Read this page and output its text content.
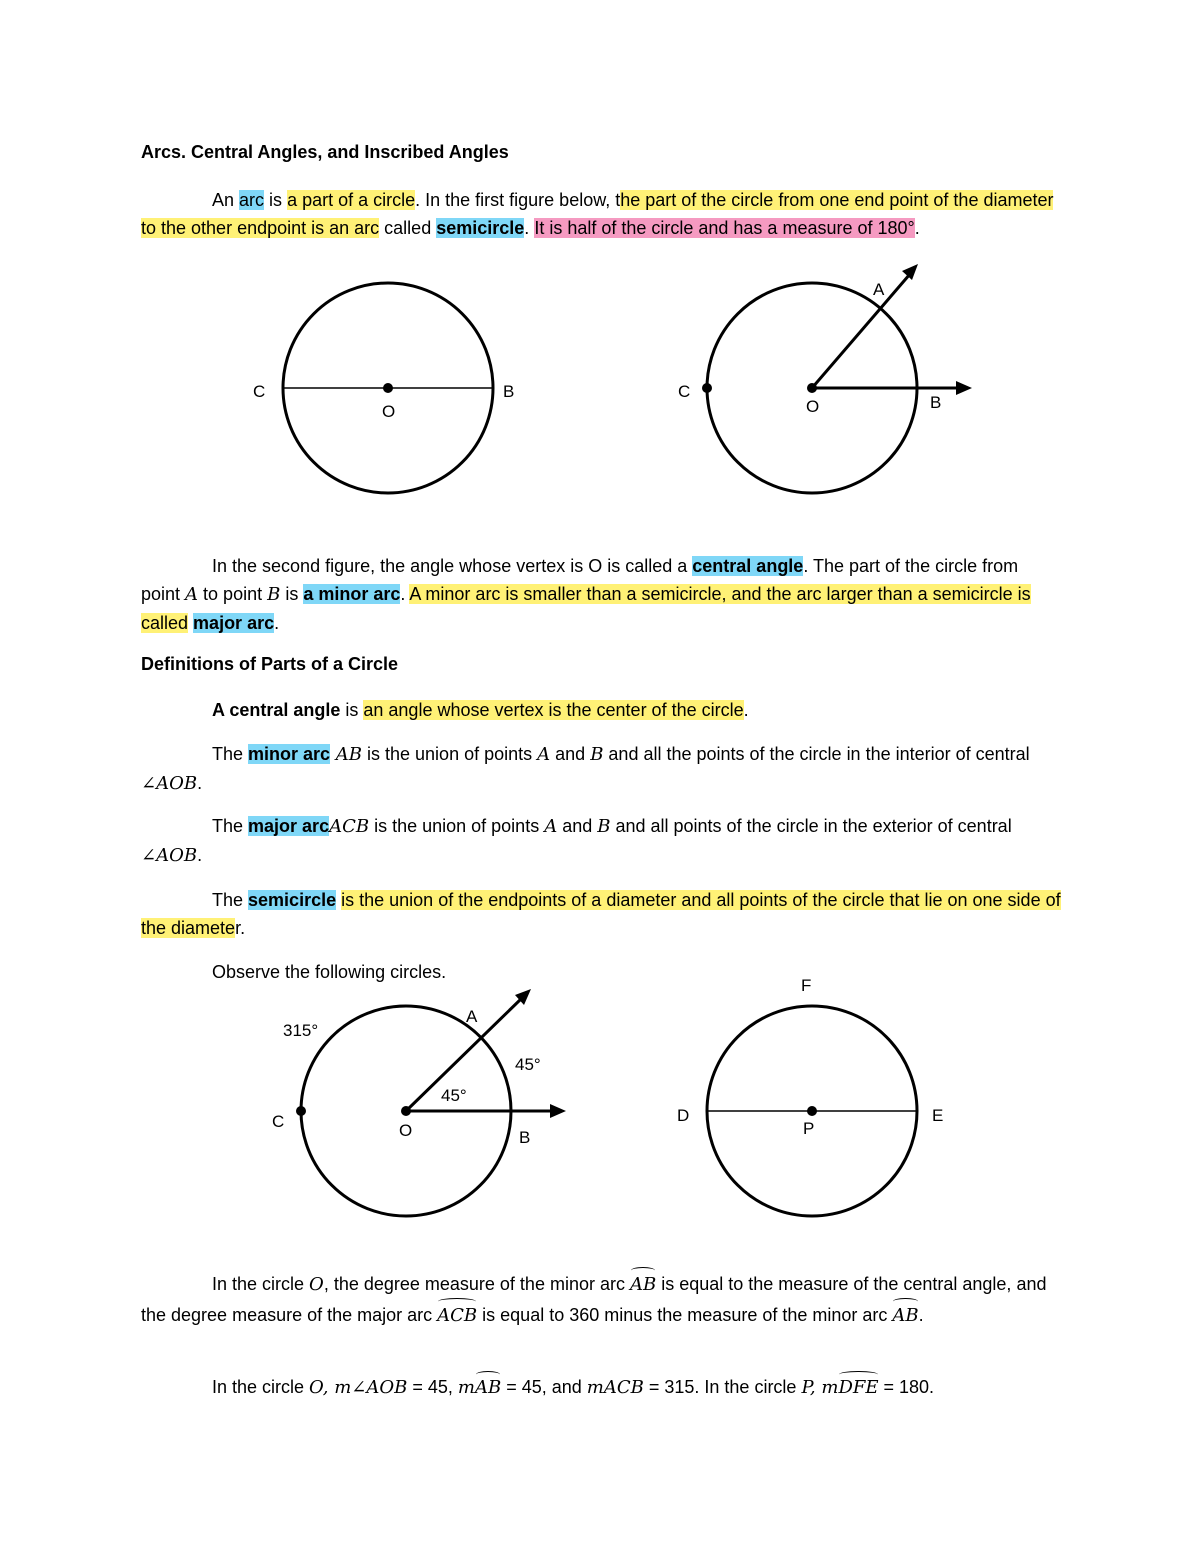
Arcs. Central Angles, and Inscribed Angles

An arc is a part of a circle. In the first figure below, the part of the circle from one end point of the diameter to the other endpoint is an arc called semicircle. It is half of the circle and has a measure of 180°.

C	B
O
A
B
C
O

In the second figure, the angle whose vertex is O is called a central angle. The part of the circle from point A to point B is a minor arc. A minor arc is smaller than a semicircle, and the arc larger than a semicircle is called major arc.

Definitions of Parts of a Circle

A central angle is an angle whose vertex is the center of the circle.

The minor arc AB is the union of points A and B and all the points of the circle in the interior of central ∠AOB.

The major arcACB is the union of points A and B and all points of the circle in the exterior of central ∠AOB.

The semicircle is the union of the endpoints of a diameter and all points of the circle that lie on one side of the diameter.

Observe the following circles.

A
B
C	O
315°
45°
45°
F
D	E
P

In the circle O, the degree measure of the minor arc AB is equal to the measure of the central angle, and the degree measure of the major arc ACB is equal to 360 minus the measure of the minor arc AB.

In the circle O, m∠AOB = 45, mAB = 45, and mACB = 315. In the circle P, mDFE = 180.
